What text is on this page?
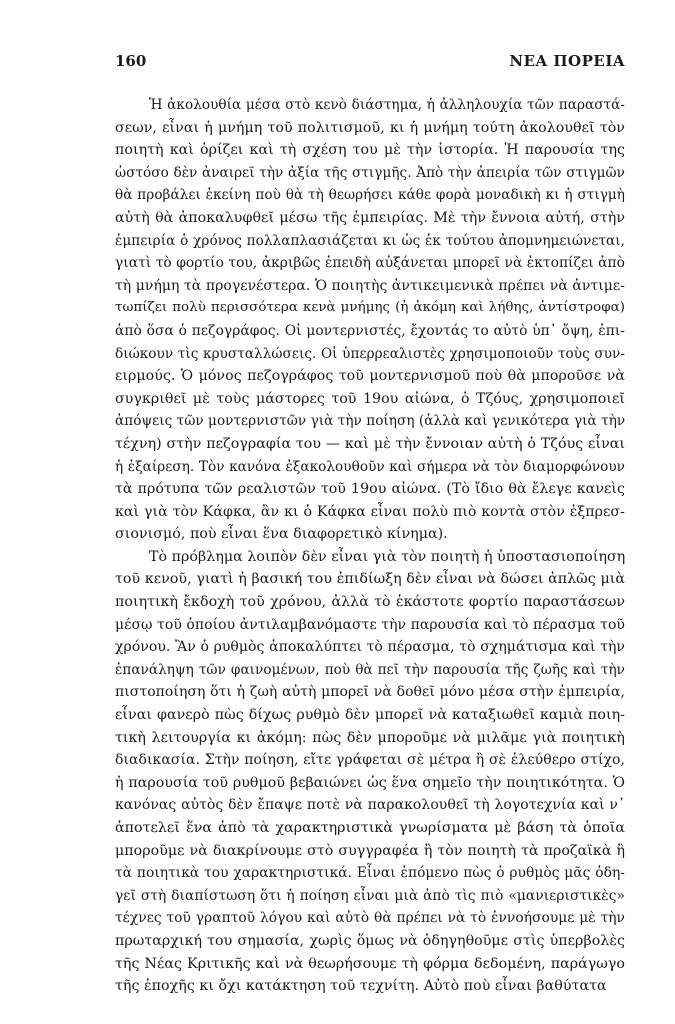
160	ΝΕΑ ΠΟΡΕΙΑ
Ἡ ἀκολουθία μέσα στὸ κενὸ διάστημα, ἡ ἀλληλουχία τῶν παραστά-
σεων, εἶναι ἡ μνήμη τοῦ πολιτισμοῦ, κι ἡ μνήμη τούτη ἀκολουθεῖ τὸν
ποιητὴ καὶ ὁρίζει καὶ τὴ σχέση του μὲ τὴν ἱστορία. Ἡ παρουσία της
ὡστόσο δὲν ἀναιρεῖ τὴν ἀξία τῆς στιγμῆς. Ἀπὸ τὴν ἀπειρία τῶν στιγμῶν
θὰ προβάλει ἐκείνη ποὺ θὰ τὴ θεωρήσει κάθε φορὰ μοναδικὴ κι ἡ στιγμὴ
αὐτὴ θὰ ἀποκαλυφθεῖ μέσω τῆς ἐμπειρίας. Μὲ τὴν ἔννοια αὐτή, στὴν
ἐμπειρία ὁ χρόνος πολλαπλασιάζεται κι ὡς ἐκ τούτου ἀπομνημειώνεται,
γιατὶ τὸ φορτίο του, ἀκριβῶς ἐπειδὴ αὐξάνεται μπορεῖ νὰ ἐκτοπίζει ἀπὸ
τὴ μνήμη τὰ προγενέστερα. Ὁ ποιητὴς ἀντικειμενικὰ πρέπει νὰ ἀντιμε-
τωπίζει πολὺ περισσότερα κενὰ μνήμης (ἡ ἀκόμη καὶ λήθης, ἀντίστροφα)
ἀπὸ ὅσα ὁ πεζογράφος. Οἱ μοντερνιστές, ἔχοντάς το αὐτὸ ὑπ᾽ ὄψη, ἐπι-
διώκουν τὶς κρυσταλλώσεις. Οἱ ὑπερρεαλιστὲς χρησιμοποιοῦν τοὺς συν-
ειρμούς. Ὁ μόνος πεζογράφος τοῦ μοντερνισμοῦ ποὺ θὰ μποροῦσε νὰ
συγκριθεῖ μὲ τοὺς μάστορες τοῦ 19ου αἰώνα, ὁ Τζόυς, χρησιμοποιεῖ
ἀπόψεις τῶν μοντερνιστῶν γιὰ τὴν ποίηση (ἀλλὰ καὶ γενικότερα γιὰ τὴν
τέχνη) στὴν πεζογραφία του — καὶ μὲ τὴν ἔννοιαν αὐτὴ ὁ Τζόυς εἶναι
ἡ ἐξαίρεση. Τὸν κανόνα ἐξακολουθοῦν καὶ σήμερα νὰ τὸν διαμορφώνουν
τὰ πρότυπα τῶν ρεαλιστῶν τοῦ 19ου αἰώνα. (Τὸ ἴδιο θὰ ἔλεγε κανεὶς
καὶ γιὰ τὸν Κάφκα, ἂν κι ὁ Κάφκα εἶναι πολὺ πιὸ κοντὰ στὸν ἐξπρεσ-
σιονισμό, ποὺ εἶναι ἕνα διαφορετικὸ κίνημα).
Τὸ πρόβλημα λοιπὸν δὲν εἶναι γιὰ τὸν ποιητὴ ἡ ὑποστασιοποίηση
τοῦ κενοῦ, γιατὶ ἡ βασική του ἐπιδίωξη δὲν εἶναι νὰ δώσει ἁπλῶς μιὰ
ποιητικὴ ἔκδοχὴ τοῦ χρόνου, ἀλλὰ τὸ ἑκάστοτε φορτίο παραστάσεων
μέσῳ τοῦ ὁποίου ἀντιλαμβανόμαστε τὴν παρουσία καὶ τὸ πέρασμα τοῦ
χρόνου. Ἂν ὁ ρυθμὸς ἀποκαλύπτει τὸ πέρασμα, τὸ σχημάτισμα καὶ τὴν
ἐπανάληψη τῶν φαινομένων, ποὺ θὰ πεῖ τὴν παρουσία τῆς ζωῆς καὶ τὴν
πιστοποίηση ὅτι ἡ ζωὴ αὐτὴ μπορεῖ νὰ δοθεῖ μόνο μέσα στὴν ἐμπειρία,
εἶναι φανερὸ πὼς δίχως ρυθμὸ δὲν μπορεῖ νὰ καταξιωθεῖ καμιὰ ποιη-
τικὴ λειτουργία κι ἀκόμη: πὼς δὲν μποροῦμε νὰ μιλᾶμε γιὰ ποιητικὴ
διαδικασία. Στὴν ποίηση, εἴτε γράφεται σὲ μέτρα ἢ σὲ ἐλεύθερο στίχο,
ἡ παρουσία τοῦ ρυθμοῦ βεβαιώνει ὡς ἕνα σημεῖο τὴν ποιητικότητα. Ὁ
κανόνας αὐτὸς δὲν ἔπαψε ποτὲ νὰ παρακολουθεῖ τὴ λογοτεχνία καὶ ν᾽
ἀποτελεῖ ἕνα ἀπὸ τὰ χαρακτηριστικὰ γνωρίσματα μὲ βάση τὰ ὁποῖα
μποροῦμε νὰ διακρίνουμε στὸ συγγραφέα ἢ τὸν ποιητὴ τὰ προζαϊκὰ ἢ
τὰ ποιητικὰ του χαρακτηριστικά. Εἶναι ἐπόμενο πὼς ὁ ρυθμὸς μᾶς ὁδη-
γεῖ στὴ διαπίστωση ὅτι ἡ ποίηση εἶναι μιὰ ἀπὸ τὶς πιὸ «μανιεριστικὲς»
τέχνες τοῦ γραπτοῦ λόγου καὶ αὐτὸ θὰ πρέπει νὰ τὸ ἐννοήσουμε μὲ τὴν
πρωταρχική του σημασία, χωρὶς ὅμως νὰ ὁδηγηθοῦμε στὶς ὑπερβολὲς
τῆς Νέας Κριτικῆς καὶ νὰ θεωρήσουμε τὴ φόρμα δεδομένη, παράγωγο
τῆς ἐποχῆς κι ὄχι κατάκτηση τοῦ τεχνίτη. Αὐτὸ ποὺ εἶναι βαθύτατα
